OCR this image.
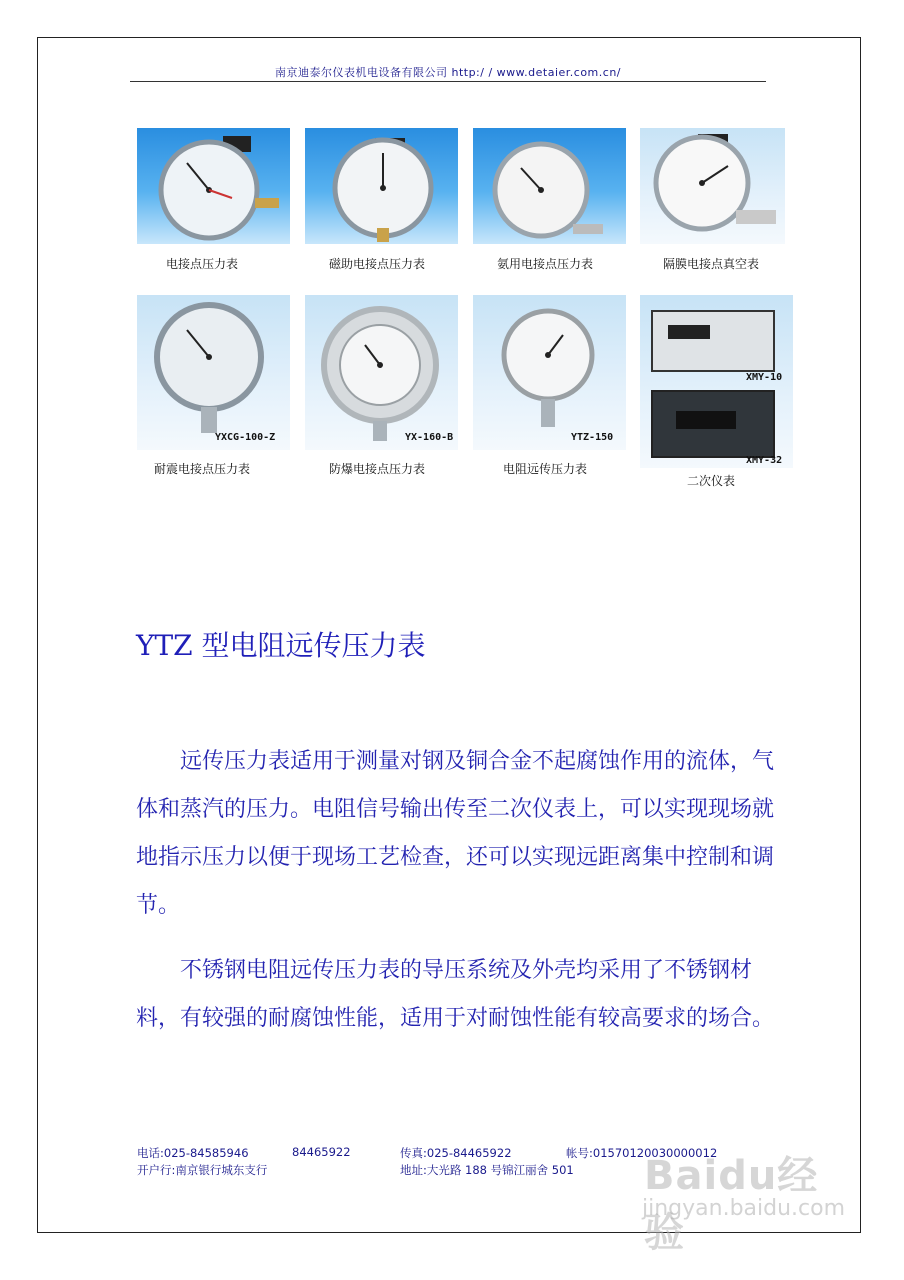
南京迪泰尔仪表机电设备有限公司 http:/ / www.detaier.com.cn/
电接点压力表	磁助电接点压力表	氨用电接点压力表	隔膜电接点真空表
YXCG-100-Z	YX-160-B	YTZ-150
XMY-10
XMY-32
耐震电接点压力表	防爆电接点压力表	电阻远传压力表
二次仪表
YTZ 型电阻远传压力表

远传压力表适用于测量对钢及铜合金不起腐蚀作用的流体，气体和蒸汽的压力。电阻信号输出传至二次仪表上，可以实现现场就地指示压力以便于现场工艺检查，还可以实现远距离集中控制和调节。

不锈钢电阻远传压力表的导压系统及外壳均采用了不锈钢材料，有较强的耐腐蚀性能，适用于对耐蚀性能有较高要求的场合。

电话:025-84585946	84465922	传真:025-84465922	帐号:01570120030000012
开户行:南京银行城东支行	地址:大光路 188 号锦江丽舍 501 Baidu经验
jingyan.baidu.com
